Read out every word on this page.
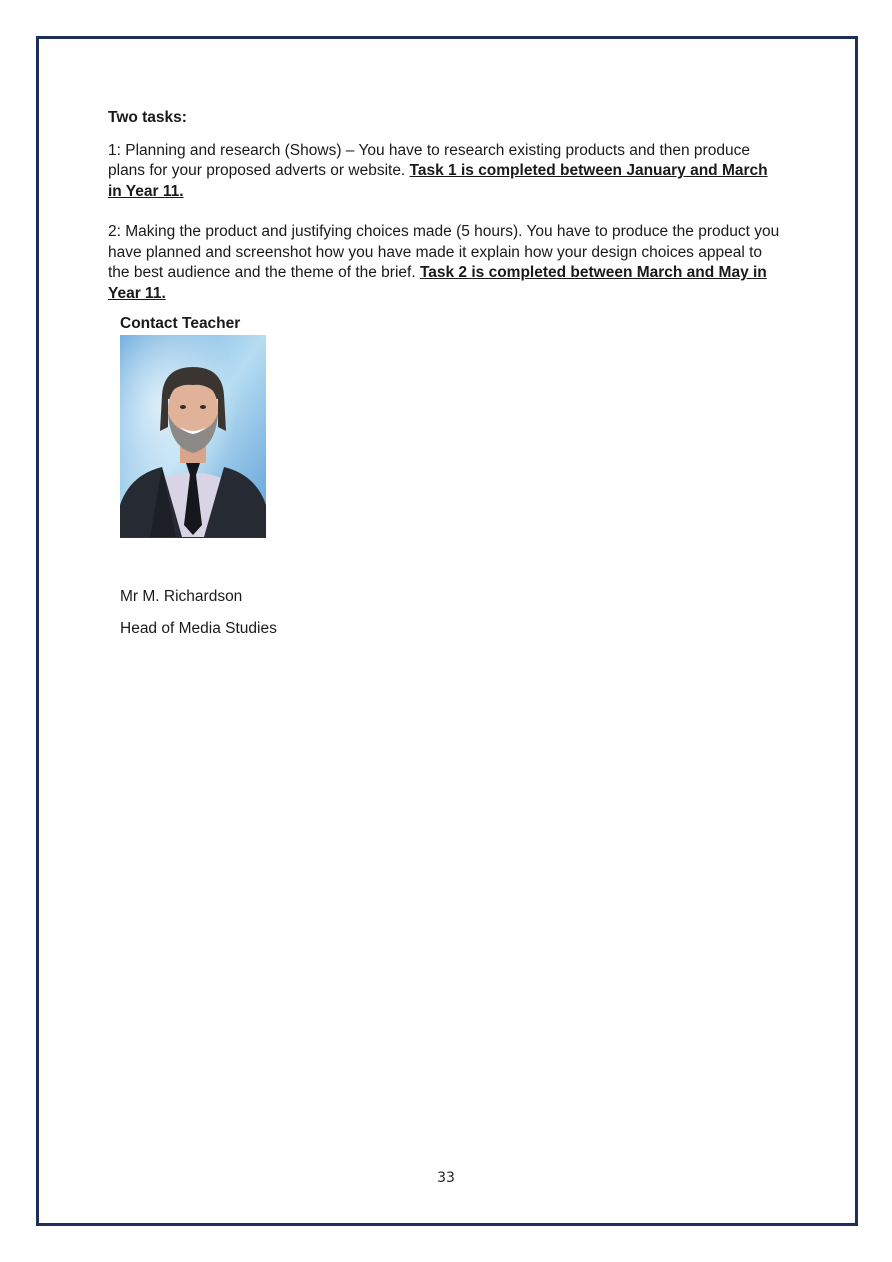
Two tasks:

1: Planning and research (Shows) – You have to research existing products and then produce plans for your proposed adverts or website. Task 1 is completed between January and March in Year 11.

2: Making the product and justifying choices made (5 hours). You have to produce the product you have planned and screenshot how you have made it explain how your design choices appeal to the best audience and the theme of the brief. Task 2 is completed between March and May in Year 11.

Contact Teacher
Mr M. Richardson
Head of Media Studies
33
